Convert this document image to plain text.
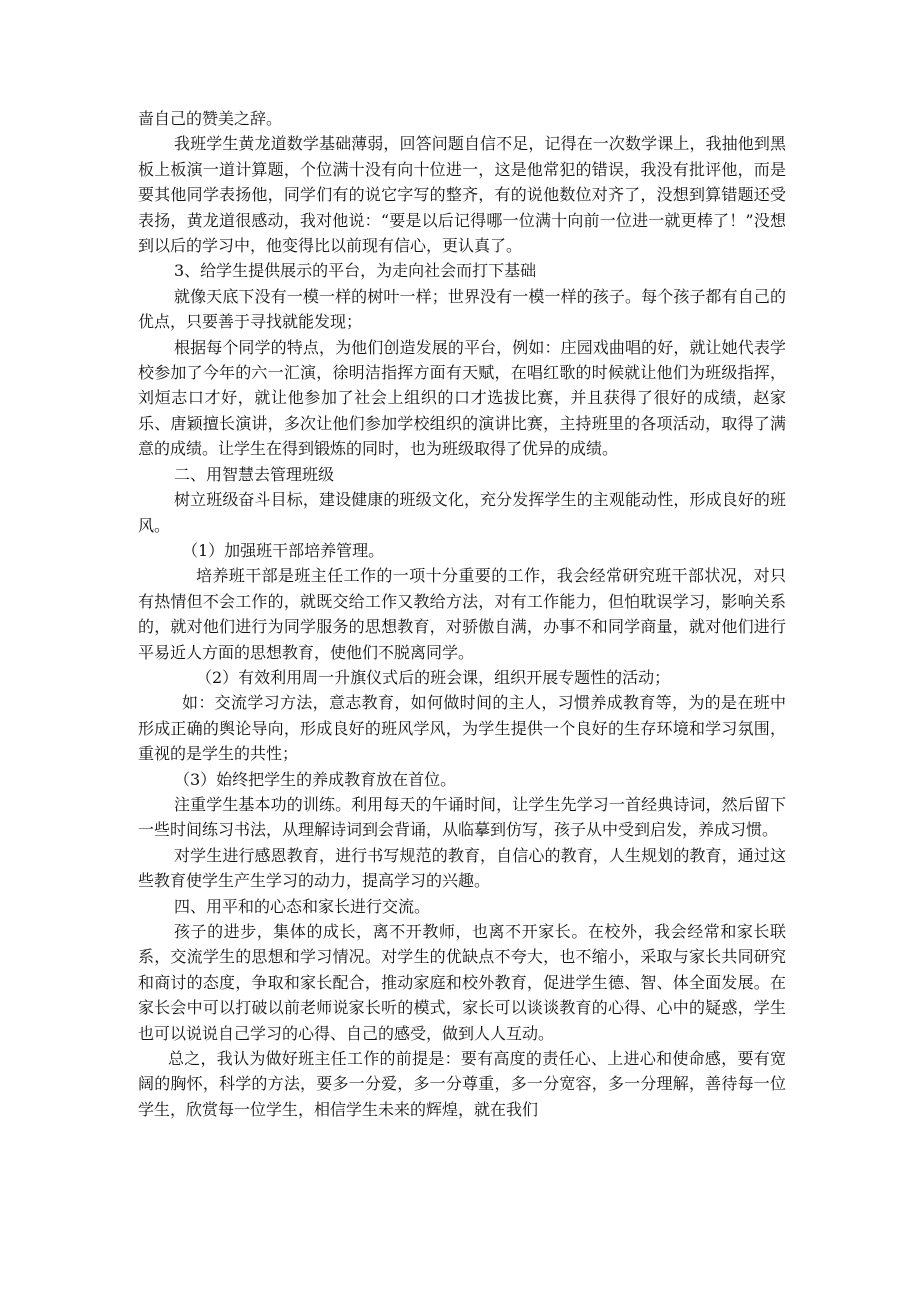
啬自己的赞美之辞。

我班学生黄龙道数学基础薄弱，回答问题自信不足，记得在一次数学课上，我抽他到黑板上板演一道计算题，个位满十没有向十位进一，这是他常犯的错误，我没有批评他，而是要其他同学表扬他，同学们有的说它字写的整齐，有的说他数位对齐了，没想到算错题还受表扬，黄龙道很感动，我对他说：“要是以后记得哪一位满十向前一位进一就更棒了！”没想到以后的学习中，他变得比以前现有信心，更认真了。

3、给学生提供展示的平台，为走向社会而打下基础

就像天底下没有一模一样的树叶一样；世界没有一模一样的孩子。每个孩子都有自己的优点，只要善于寻找就能发现；

根据每个同学的特点，为他们创造发展的平台，例如：庄园戏曲唱的好，就让她代表学校参加了今年的六一汇演，徐明洁指挥方面有天赋，在唱红歌的时候就让他们为班级指挥，刘烜志口才好，就让他参加了社会上组织的口才选拔比赛，并且获得了很好的成绩，赵家乐、唐颖擅长演讲，多次让他们参加学校组织的演讲比赛，主持班里的各项活动，取得了满意的成绩。让学生在得到锻炼的同时，也为班级取得了优异的成绩。

二、用智慧去管理班级

树立班级奋斗目标，建设健康的班级文化，充分发挥学生的主观能动性，形成良好的班风。

（1）加强班干部培养管理。

培养班干部是班主任工作的一项十分重要的工作，我会经常研究班干部状况，对只有热情但不会工作的，就既交给工作又教给方法，对有工作能力，但怕耽误学习，影响关系的，就对他们进行为同学服务的思想教育，对骄傲自满，办事不和同学商量，就对他们进行平易近人方面的思想教育，使他们不脱离同学。

（2）有效利用周一升旗仪式后的班会课，组织开展专题性的活动；

如：交流学习方法，意志教育，如何做时间的主人，习惯养成教育等，为的是在班中形成正确的舆论导向，形成良好的班风学风，为学生提供一个良好的生存环境和学习氛围，重视的是学生的共性；

（3）始终把学生的养成教育放在首位。

注重学生基本功的训练。利用每天的午诵时间，让学生先学习一首经典诗词，然后留下一些时间练习书法，从理解诗词到会背诵，从临摹到仿写，孩子从中受到启发，养成习惯。

对学生进行感恩教育，进行书写规范的教育，自信心的教育，人生规划的教育，通过这些教育使学生产生学习的动力，提高学习的兴趣。

四、用平和的心态和家长进行交流。

孩子的进步，集体的成长，离不开教师，也离不开家长。在校外，我会经常和家长联系，交流学生的思想和学习情况。对学生的优缺点不夸大，也不缩小，采取与家长共同研究和商讨的态度，争取和家长配合，推动家庭和校外教育，促进学生德、智、体全面发展。在家长会中可以打破以前老师说家长听的模式，家长可以谈谈教育的心得、心中的疑惑，学生也可以说说自己学习的心得、自己的感受，做到人人互动。

总之，我认为做好班主任工作的前提是：要有高度的责任心、上进心和使命感，要有宽阔的胸怀，科学的方法，要多一分爱，多一分尊重，多一分宽容，多一分理解，善待每一位学生，欣赏每一位学生，相信学生未来的辉煌，就在我们
